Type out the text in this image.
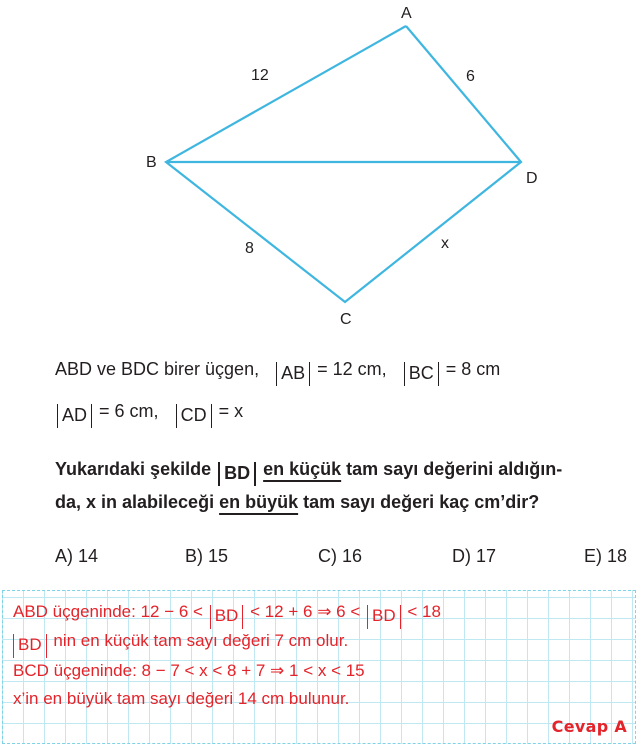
A
B
C
D
12	6
8	x
ABD ve BDC birer üçgen, AB = 12 cm, BC = 8 cm
AD = 6 cm, CD = x
Yukarıdaki şekilde BD en küçük tam sayı değerini aldığın-
da, x in alabileceği en büyük tam sayı değeri kaç cm’dir?
A) 14	B) 15	C) 16	D) 17	E) 18
ABD üçgeninde: 12 − 6 < BD < 12 + 6 ⇒ 6 < BD < 18
BD nin en küçük tam sayı değeri 7 cm olur.
BCD üçgeninde: 8 − 7 < x < 8 + 7 ⇒ 1 < x < 15
x’in en büyük tam sayı değeri 14 cm bulunur.
Cevap A
